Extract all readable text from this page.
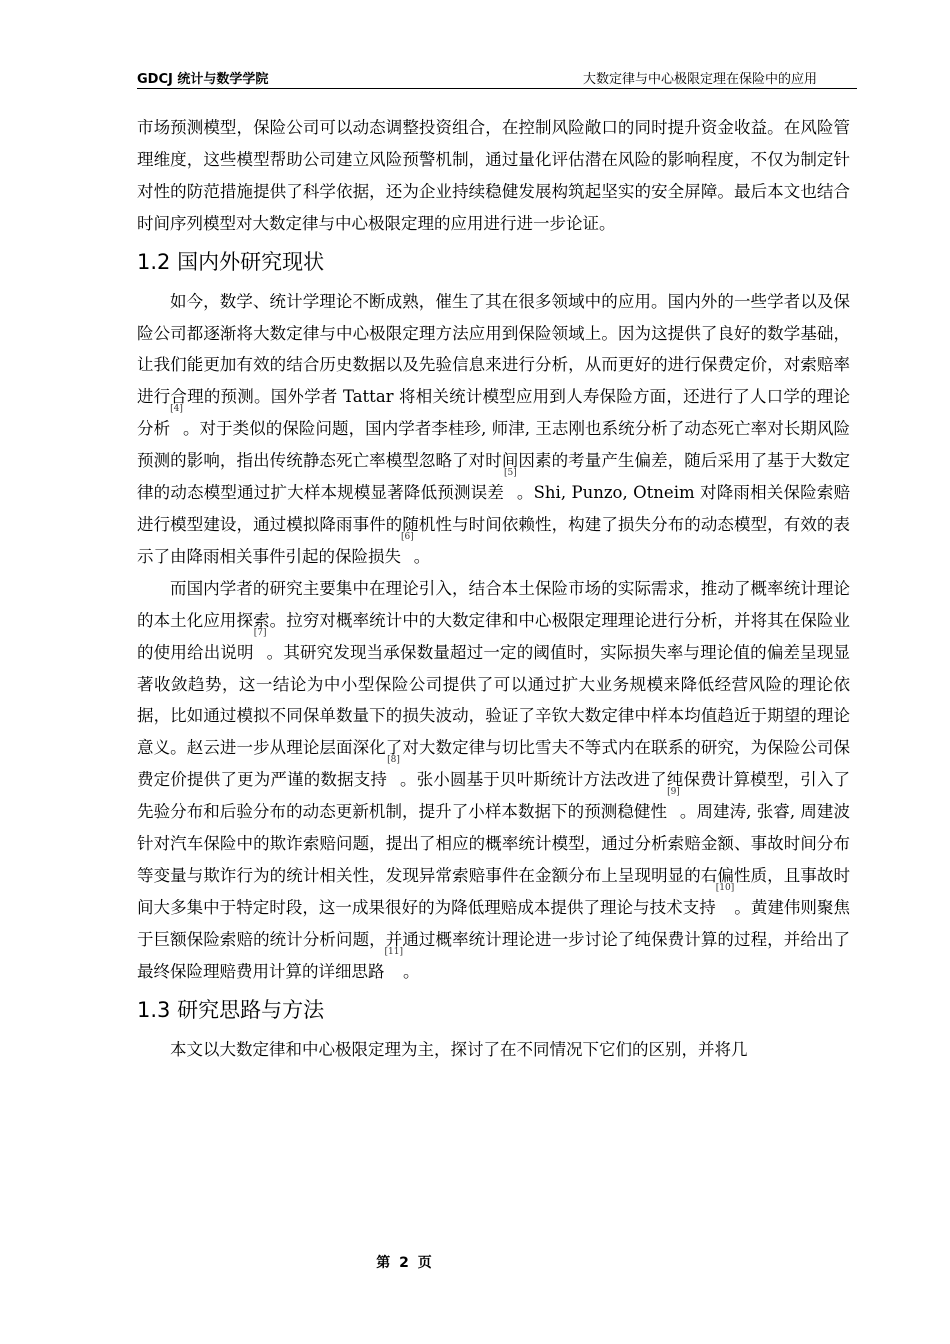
GDCJ 统计与数学学院	大数定律与中心极限定理在保险中的应用

市场预测模型，保险公司可以动态调整投资组合，在控制风险敞口的同时提升资金收益。在风险管理维度，这些模型帮助公司建立风险预警机制，通过量化评估潜在风险的影响程度，不仅为制定针对性的防范措施提供了科学依据，还为企业持续稳健发展构筑起坚实的安全屏障。最后本文也结合时间序列模型对大数定律与中心极限定理的应用进行进一步论证。

1.2 国内外研究现状

如今，数学、统计学理论不断成熟，催生了其在很多领域中的应用。国内外的一些学者以及保险公司都逐渐将大数定律与中心极限定理方法应用到保险领域上。因为这提供了良好的数学基础，让我们能更加有效的结合历史数据以及先验信息来进行分析，从而更好的进行保费定价，对索赔率进行合理的预测。国外学者 Tattar 将相关统计模型应用到人寿保险方面，还进行了人口学的理论分析[4]。对于类似的保险问题，国内学者李桂珍, 师津, 王志刚也系统分析了动态死亡率对长期风险预测的影响，指出传统静态死亡率模型忽略了对时间因素的考量产生偏差，随后采用了基于大数定律的动态模型通过扩大样本规模显著降低预测误差[5]。Shi, Punzo, Otneim 对降雨相关保险索赔进行模型建设，通过模拟降雨事件的随机性与时间依赖性，构建了损失分布的动态模型，有效的表示了由降雨相关事件引起的保险损失[6]。

而国内学者的研究主要集中在理论引入，结合本土保险市场的实际需求，推动了概率统计理论的本土化应用探索。拉穷对概率统计中的大数定律和中心极限定理理论进行分析，并将其在保险业的使用给出说明[7]。其研究发现当承保数量超过一定的阈值时，实际损失率与理论值的偏差呈现显著收敛趋势，这一结论为中小型保险公司提供了可以通过扩大业务规模来降低经营风险的理论依据，比如通过模拟不同保单数量下的损失波动，验证了辛钦大数定律中样本均值趋近于期望的理论意义。赵云进一步从理论层面深化了对大数定律与切比雪夫不等式内在联系的研究，为保险公司保费定价提供了更为严谨的数据支持[8]。张小圆基于贝叶斯统计方法改进了纯保费计算模型，引入了先验分布和后验分布的动态更新机制，提升了小样本数据下的预测稳健性[9]。周建涛, 张睿, 周建波针对汽车保险中的欺诈索赔问题，提出了相应的概率统计模型，通过分析索赔金额、事故时间分布等变量与欺诈行为的统计相关性，发现异常索赔事件在金额分布上呈现明显的右偏性质，且事故时间大多集中于特定时段，这一成果很好的为降低理赔成本提供了理论与技术支持[10]。黄建伟则聚焦于巨额保险索赔的统计分析问题，并通过概率统计理论进一步讨论了纯保费计算的过程，并给出了最终保险理赔费用计算的详细思路[11]。

1.3 研究思路与方法

本文以大数定律和中心极限定理为主，探讨了在不同情况下它们的区别，并将几

第 2 页
